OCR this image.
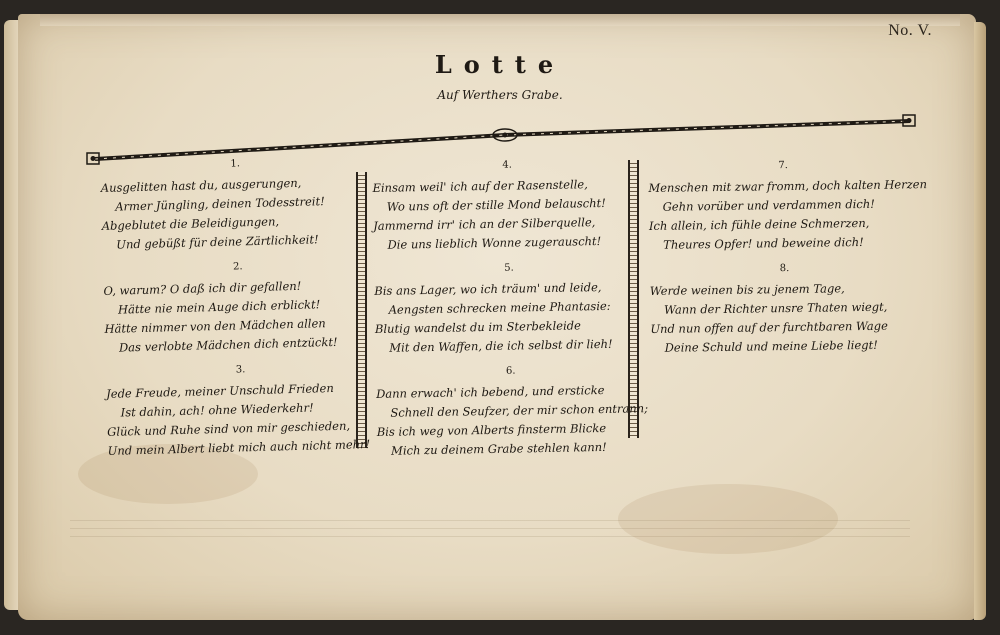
No. V.
Lotte
Auf Werthers Grabe.
1.
Ausgelitten hast du, ausgerungen,
Armer Jüngling, deinen Todesstreit!
Abgeblutet die Beleidigungen,
Und gebüßt für deine Zärtlichkeit!
2.
O, warum? O daß ich dir gefallen!
Hätte nie mein Auge dich erblickt!
Hätte nimmer von den Mädchen allen
Das verlobte Mädchen dich entzückt!
3.
Jede Freude, meiner Unschuld Frieden
Ist dahin, ach! ohne Wiederkehr!
Glück und Ruhe sind von mir geschieden,
Und mein Albert liebt mich auch nicht mehr!
4.
Einsam weil' ich auf der Rasenstelle,
Wo uns oft der stille Mond belauscht!
Jammernd irr' ich an der Silberquelle,
Die uns lieblich Wonne zugerauscht!
5.
Bis ans Lager, wo ich träum' und leide,
Aengsten schrecken meine Phantasie:
Blutig wandelst du im Sterbekleide
Mit den Waffen, die ich selbst dir lieh!
6.
Dann erwach' ich bebend, und ersticke
Schnell den Seufzer, der mir schon entrann;
Bis ich weg von Alberts finsterm Blicke
Mich zu deinem Grabe stehlen kann!
7.
Menschen mit zwar fromm, doch kalten Herzen
Gehn vorüber und verdammen dich!
Ich allein, ich fühle deine Schmerzen,
Theures Opfer! und beweine dich!
8.
Werde weinen bis zu jenem Tage,
Wann der Richter unsre Thaten wiegt,
Und nun offen auf der furchtbaren Wage
Deine Schuld und meine Liebe liegt!
